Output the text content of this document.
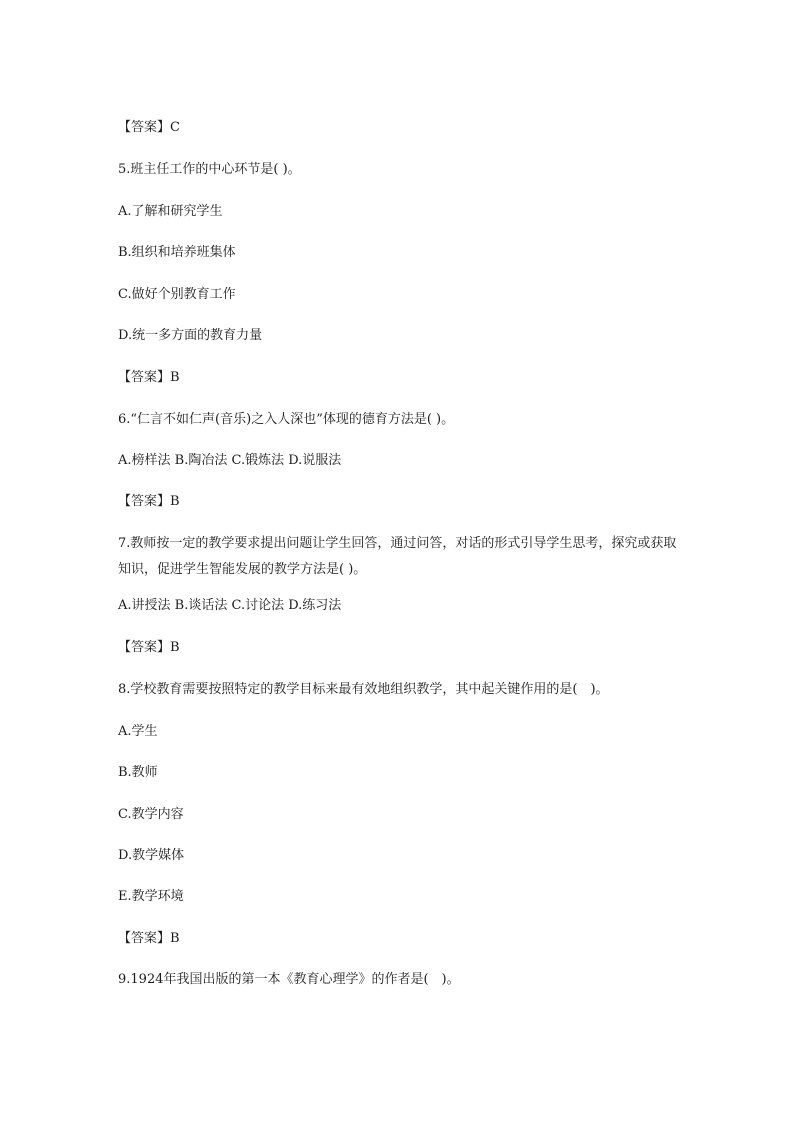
【答案】C
5.班主任工作的中心环节是( )。
A.了解和研究学生
B.组织和培养班集体
C.做好个别教育工作
D.统一多方面的教育力量
【答案】B
6.“仁言不如仁声(音乐)之入人深也”体现的德育方法是( )。
A.榜样法 B.陶冶法 C.锻炼法 D.说服法
【答案】B
7.教师按一定的教学要求提出问题让学生回答，通过问答，对话的形式引导学生思考，探究或获取知识，促进学生智能发展的教学方法是( )。
A.讲授法 B.谈话法 C.讨论法 D.练习法
【答案】B
8.学校教育需要按照特定的教学目标来最有效地组织教学，其中起关键作用的是(　)。
A.学生
B.教师
C.教学内容
D.教学媒体
E.教学环境
【答案】B
9.1924年我国出版的第一本《教育心理学》的作者是(　)。
